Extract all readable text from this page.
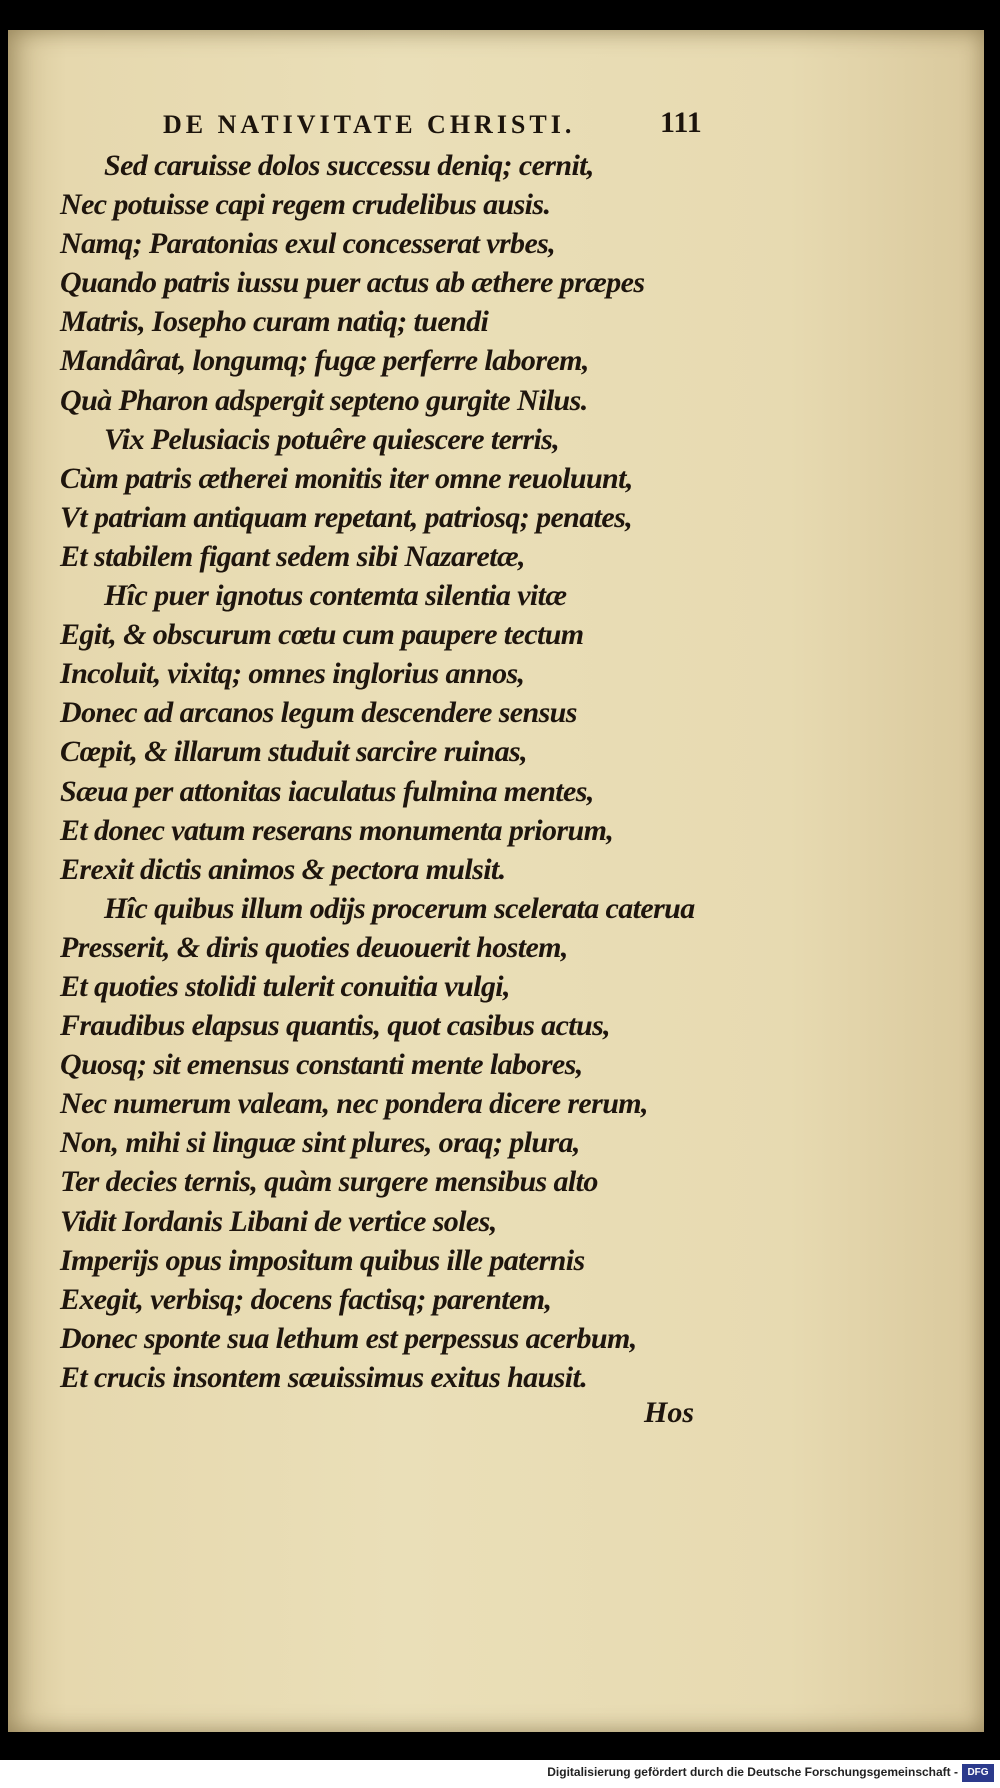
DE NATIVITATE CHRISTI.	111
Sed caruisse dolos successu deniq; cernit,
Nec potuisse capi regem crudelibus ausis.
Namq; Paratonias exul concesserat vrbes,
Quando patris iussu puer actus ab æthere præpes
Matris, Iosepho curam natiq; tuendi
Mandârat, longumq; fugæ perferre laborem,
Quà Pharon adspergit septeno gurgite Nilus.
Vix Pelusiacis potuêre quiescere terris,
Cùm patris ætherei monitis iter omne reuoluunt,
Vt patriam antiquam repetant, patriosq; penates,
Et stabilem figant sedem sibi Nazaretæ,
Hîc puer ignotus contemta silentia vitæ
Egit, & obscurum cœtu cum paupere tectum
Incoluit, vixitq; omnes inglorius annos,
Donec ad arcanos legum descendere sensus
Cœpit, & illarum studuit sarcire ruinas,
Sæua per attonitas iaculatus fulmina mentes,
Et donec vatum reserans monumenta priorum,
Erexit dictis animos & pectora mulsit.
Hîc quibus illum odijs procerum scelerata caterua
Presserit, & diris quoties deuouerit hostem,
Et quoties stolidi tulerit conuitia vulgi,
Fraudibus elapsus quantis, quot casibus actus,
Quosq; sit emensus constanti mente labores,
Nec numerum valeam, nec pondera dicere rerum,
Non, mihi si linguæ sint plures, oraq; plura,
Ter decies ternis, quàm surgere mensibus alto
Vidit Iordanis Libani de vertice soles,
Imperijs opus impositum quibus ille paternis
Exegit, verbisq; docens factisq; parentem,
Donec sponte sua lethum est perpessus acerbum,
Et crucis insontem sæuissimus exitus hausit.
Hos
Digitalisierung gefördert durch die Deutsche Forschungsgemeinschaft - DFG
